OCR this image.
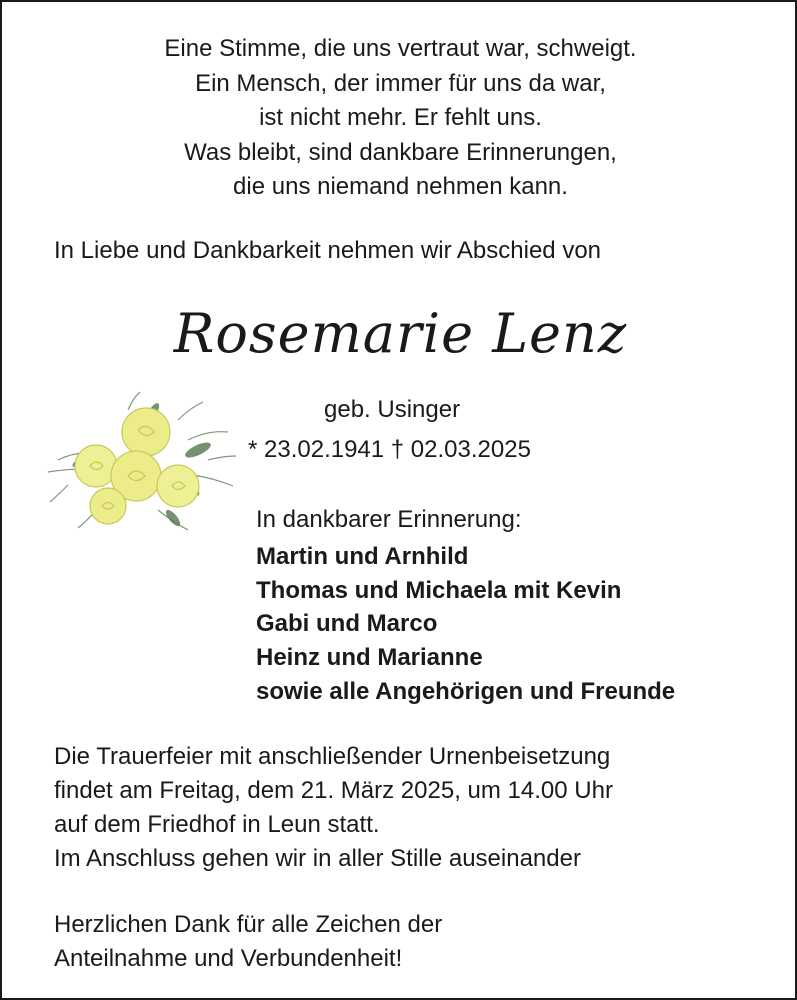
Eine Stimme, die uns vertraut war, schweigt.
Ein Mensch, der immer für uns da war,
ist nicht mehr. Er fehlt uns.
Was bleibt, sind dankbare Erinnerungen,
die uns niemand nehmen kann.
In Liebe und Dankbarkeit nehmen wir Abschied von
Rosemarie Lenz
geb. Usinger
* 23.02.1941 † 02.03.2025
In dankbarer Erinnerung:
Martin und Arnhild
Thomas und Michaela mit Kevin
Gabi und Marco
Heinz und Marianne
sowie alle Angehörigen und Freunde
Die Trauerfeier mit anschließender Urnenbeisetzung
findet am Freitag, dem 21. März 2025, um 14.00 Uhr
auf dem Friedhof in Leun statt.
Im Anschluss gehen wir in aller Stille auseinander
Herzlichen Dank für alle Zeichen der
Anteilnahme und Verbundenheit!
